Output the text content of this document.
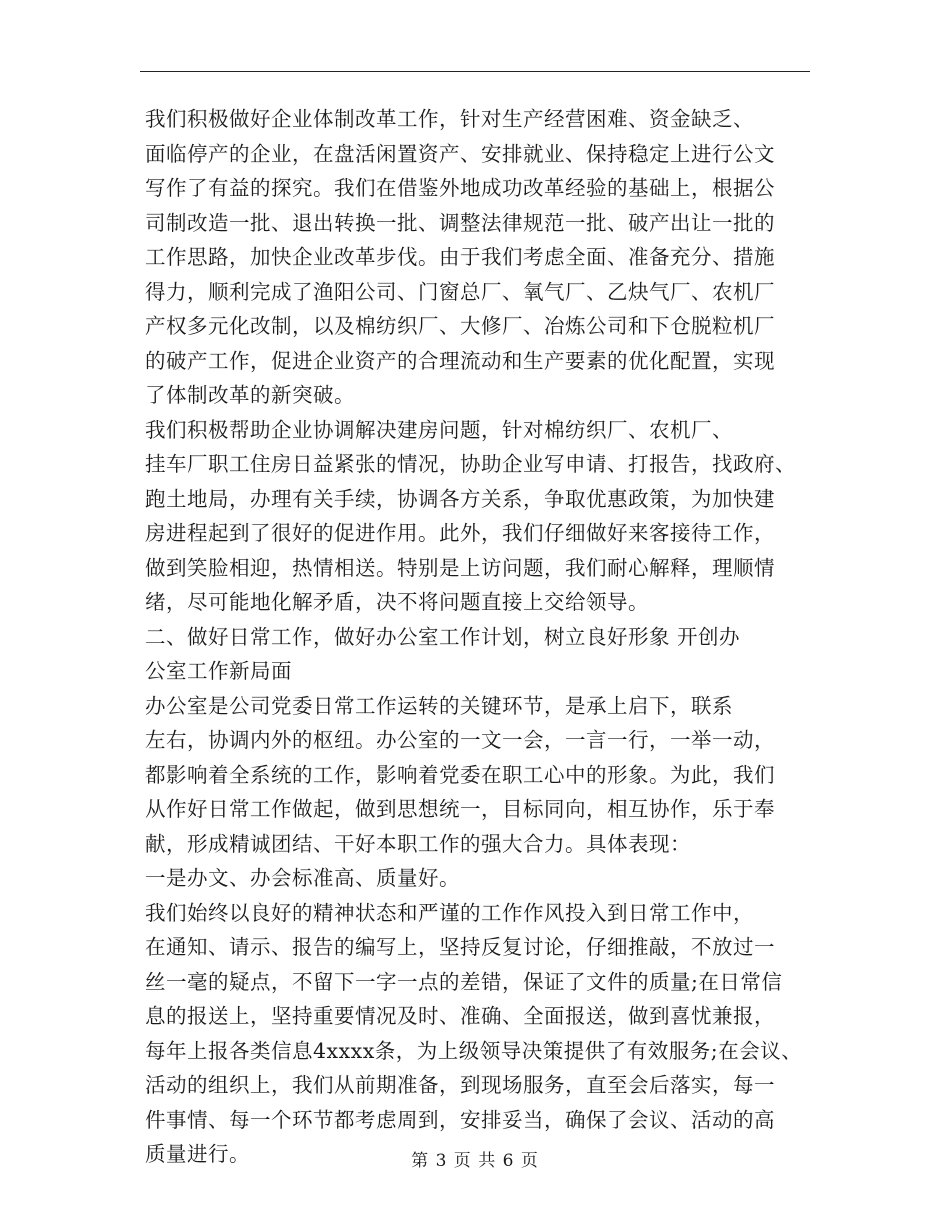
我们积极做好企业体制改革工作，针对生产经营困难、资金缺乏、
面临停产的企业，在盘活闲置资产、安排就业、保持稳定上进行公文
写作了有益的探究。我们在借鉴外地成功改革经验的基础上，根据公
司制改造一批、退出转换一批、调整法律规范一批、破产出让一批的
工作思路，加快企业改革步伐。由于我们考虑全面、准备充分、措施
得力，顺利完成了渔阳公司、门窗总厂、氧气厂、乙炔气厂、农机厂
产权多元化改制，以及棉纺织厂、大修厂、冶炼公司和下仓脱粒机厂
的破产工作，促进企业资产的合理流动和生产要素的优化配置，实现
了体制改革的新突破。
我们积极帮助企业协调解决建房问题，针对棉纺织厂、农机厂、
挂车厂职工住房日益紧张的情况，协助企业写申请、打报告，找政府、
跑土地局，办理有关手续，协调各方关系，争取优惠政策，为加快建
房进程起到了很好的促进作用。此外，我们仔细做好来客接待工作，
做到笑脸相迎，热情相送。特别是上访问题，我们耐心解释，理顺情
绪，尽可能地化解矛盾，决不将问题直接上交给领导。
二、做好日常工作，做好办公室工作计划，树立良好形象 开创办
公室工作新局面
办公室是公司党委日常工作运转的关键环节，是承上启下，联系
左右，协调内外的枢纽。办公室的一文一会，一言一行，一举一动，
都影响着全系统的工作，影响着党委在职工心中的形象。为此，我们
从作好日常工作做起，做到思想统一，目标同向，相互协作，乐于奉
献，形成精诚团结、干好本职工作的强大合力。具体表现：
一是办文、办会标准高、质量好。
我们始终以良好的精神状态和严谨的工作作风投入到日常工作中，
在通知、请示、报告的编写上，坚持反复讨论，仔细推敲，不放过一
丝一毫的疑点，不留下一字一点的差错，保证了文件的质量;在日常信
息的报送上，坚持重要情况及时、准确、全面报送，做到喜忧兼报，
每年上报各类信息4xxxx条，为上级领导决策提供了有效服务;在会议、
活动的组织上，我们从前期准备，到现场服务，直至会后落实，每一
件事情、每一个环节都考虑周到，安排妥当，确保了会议、活动的高
质量进行。	第 3 页 共 6 页
